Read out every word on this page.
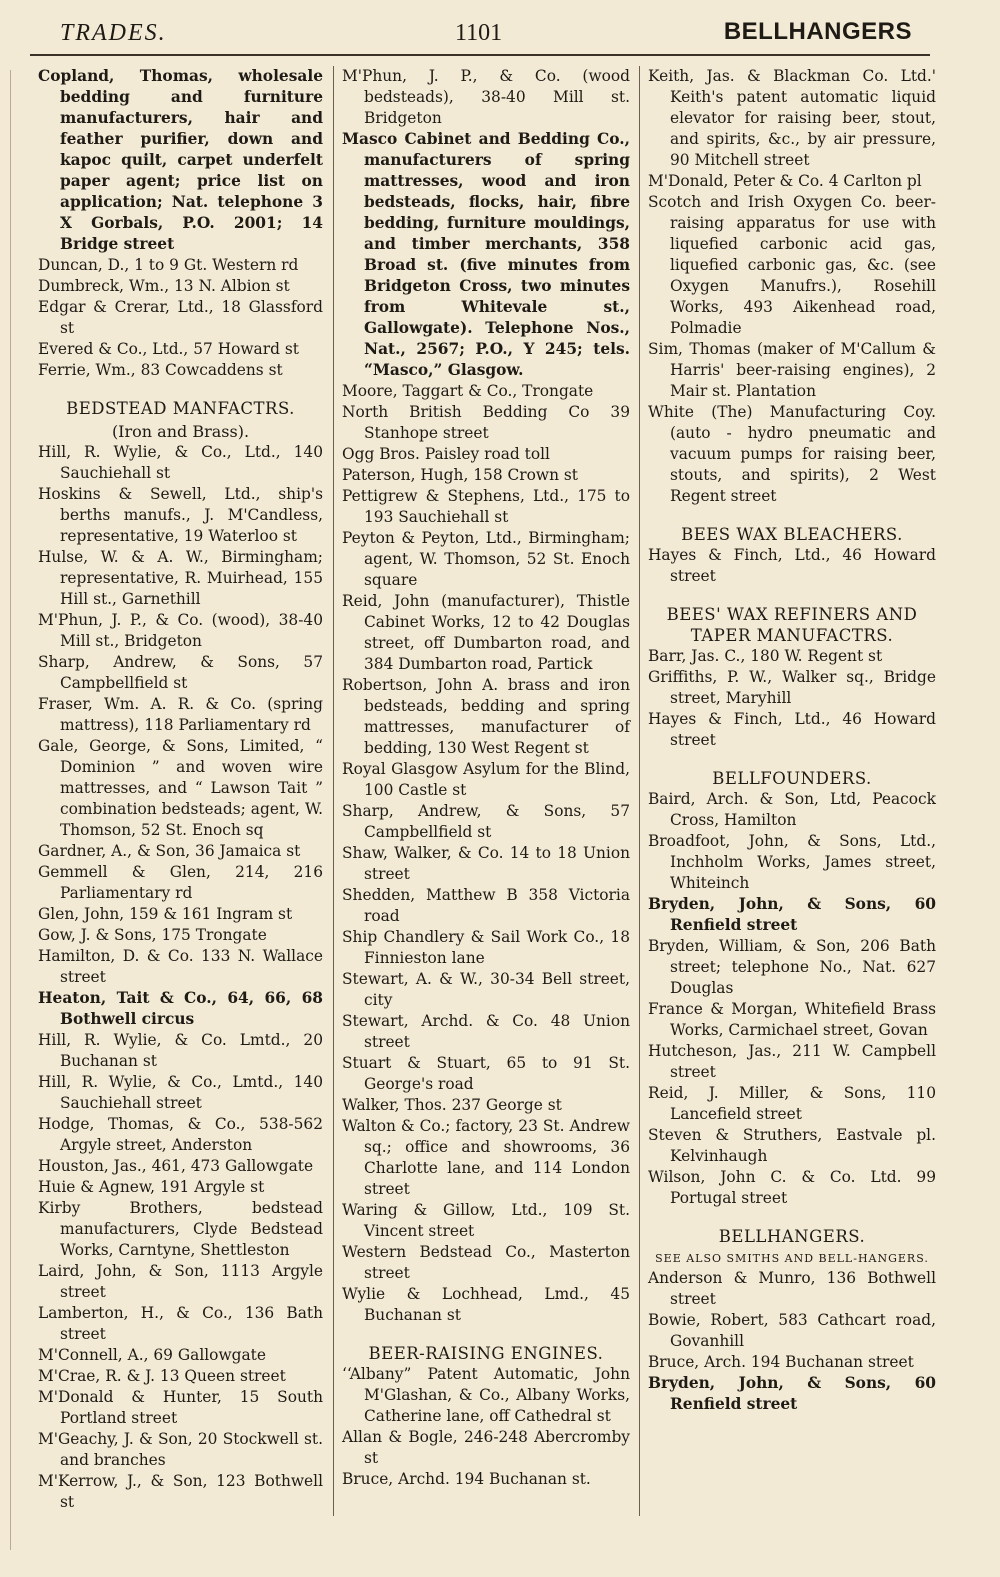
TRADES.	1101	BELLHANGERS
Copland, Thomas, wholesale bedding and furniture manufacturers, hair and feather purifier, down and kapoc quilt, carpet underfelt paper agent; price list on application; Nat. telephone 3 X Gorbals, P.O. 2001; 14 Bridge street
Duncan, D., 1 to 9 Gt. Western rd
Dumbreck, Wm., 13 N. Albion st
Edgar & Crerar, Ltd., 18 Glassford st
Evered & Co., Ltd., 57 Howard st
Ferrie, Wm., 83 Cowcaddens st
BEDSTEAD MANFACTRS.
(Iron and Brass).
Hill, R. Wylie, & Co., Ltd., 140 Sauchiehall st
Hoskins & Sewell, Ltd., ship's berths manufs., J. M'Candless, representative, 19 Waterloo st
Hulse, W. & A. W., Birmingham; representative, R. Muirhead, 155 Hill st., Garnethill
M'Phun, J. P., & Co. (wood), 38-40 Mill st., Bridgeton
Sharp, Andrew, & Sons, 57 Campbellfield st
Fraser, Wm. A. R. & Co. (spring mattress), 118 Parliamentary rd
Gale, George, & Sons, Limited, “ Dominion ” and woven wire mattresses, and “ Lawson Tait ” combination bedsteads; agent, W. Thomson, 52 St. Enoch sq
Gardner, A., & Son, 36 Jamaica st
Gemmell & Glen, 214, 216 Parliamentary rd
Glen, John, 159 & 161 Ingram st
Gow, J. & Sons, 175 Trongate
Hamilton, D. & Co. 133 N. Wallace street
Heaton, Tait & Co., 64, 66, 68 Bothwell circus
Hill, R. Wylie, & Co. Lmtd., 20 Buchanan st
Hill, R. Wylie, & Co., Lmtd., 140 Sauchiehall street
Hodge, Thomas, & Co., 538-562 Argyle street, Anderston
Houston, Jas., 461, 473 Gallowgate
Huie & Agnew, 191 Argyle st
Kirby Brothers, bedstead manufacturers, Clyde Bedstead Works, Carntyne, Shettleston
Laird, John, & Son, 1113 Argyle street
Lamberton, H., & Co., 136 Bath street
M'Connell, A., 69 Gallowgate
M'Crae, R. & J. 13 Queen street
M'Donald & Hunter, 15 South Portland street
M'Geachy, J. & Son, 20 Stockwell st. and branches
M'Kerrow, J., & Son, 123 Bothwell st
M'Phun, J. P., & Co. (wood bedsteads), 38-40 Mill st. Bridgeton
Masco Cabinet and Bedding Co., manufacturers of spring mattresses, wood and iron bedsteads, flocks, hair, fibre bedding, furniture mouldings, and timber merchants, 358 Broad st. (five minutes from Bridgeton Cross, two minutes from Whitevale st., Gallowgate). Telephone Nos., Nat., 2567; P.O., Y 245; tels. “Masco,” Glasgow.
Moore, Taggart & Co., Trongate
North British Bedding Co 39 Stanhope street
Ogg Bros. Paisley road toll
Paterson, Hugh, 158 Crown st
Pettigrew & Stephens, Ltd., 175 to 193 Sauchiehall st
Peyton & Peyton, Ltd., Birmingham; agent, W. Thomson, 52 St. Enoch square
Reid, John (manufacturer), Thistle Cabinet Works, 12 to 42 Douglas street, off Dumbarton road, and 384 Dumbarton road, Partick
Robertson, John A. brass and iron bedsteads, bedding and spring mattresses, manufacturer of bedding, 130 West Regent st
Royal Glasgow Asylum for the Blind, 100 Castle st
Sharp, Andrew, & Sons, 57 Campbellfield st
Shaw, Walker, & Co. 14 to 18 Union street
Shedden, Matthew B 358 Victoria road
Ship Chandlery & Sail Work Co., 18 Finnieston lane
Stewart, A. & W., 30-34 Bell street, city
Stewart, Archd. & Co. 48 Union street
Stuart & Stuart, 65 to 91 St. George's road
Walker, Thos. 237 George st
Walton & Co.; factory, 23 St. Andrew sq.; office and showrooms, 36 Charlotte lane, and 114 London street
Waring & Gillow, Ltd., 109 St. Vincent street
Western Bedstead Co., Masterton street
Wylie & Lochhead, Lmd., 45 Buchanan st
BEER-RAISING ENGINES.
‘‘Albany” Patent Automatic, John M'Glashan, & Co., Albany Works, Catherine lane, off Cathedral st
Allan & Bogle, 246-248 Abercromby st
Bruce, Archd. 194 Buchanan st.
Keith, Jas. & Blackman Co. Ltd.' Keith's patent automatic liquid elevator for raising beer, stout, and spirits, &c., by air pressure, 90 Mitchell street
M'Donald, Peter & Co. 4 Carlton pl
Scotch and Irish Oxygen Co. beer-raising apparatus for use with liquefied carbonic acid gas, liquefied carbonic gas, &c. (see Oxygen Manufrs.), Rosehill Works, 493 Aikenhead road, Polmadie
Sim, Thomas (maker of M'Callum & Harris' beer-raising engines), 2 Mair st. Plantation
White (The) Manufacturing Coy. (auto - hydro pneumatic and vacuum pumps for raising beer, stouts, and spirits), 2 West Regent street
BEES WAX BLEACHERS.
Hayes & Finch, Ltd., 46 Howard street
BEES' WAX REFINERS AND TAPER MANUFACTRS.
Barr, Jas. C., 180 W. Regent st
Griffiths, P. W., Walker sq., Bridge street, Maryhill
Hayes & Finch, Ltd., 46 Howard street
BELLFOUNDERS.
Baird, Arch. & Son, Ltd, Peacock Cross, Hamilton
Broadfoot, John, & Sons, Ltd., Inchholm Works, James street, Whiteinch
Bryden, John, & Sons, 60 Renfield street
Bryden, William, & Son, 206 Bath street; telephone No., Nat. 627 Douglas
France & Morgan, Whitefield Brass Works, Carmichael street, Govan
Hutcheson, Jas., 211 W. Campbell street
Reid, J. Miller, & Sons, 110 Lancefield street
Steven & Struthers, Eastvale pl. Kelvinhaugh
Wilson, John C. & Co. Ltd. 99 Portugal street
BELLHANGERS.
SEE ALSO SMITHS AND BELL-HANGERS.
Anderson & Munro, 136 Bothwell street
Bowie, Robert, 583 Cathcart road, Govanhill
Bruce, Arch. 194 Buchanan street
Bryden, John, & Sons, 60 Renfield street
